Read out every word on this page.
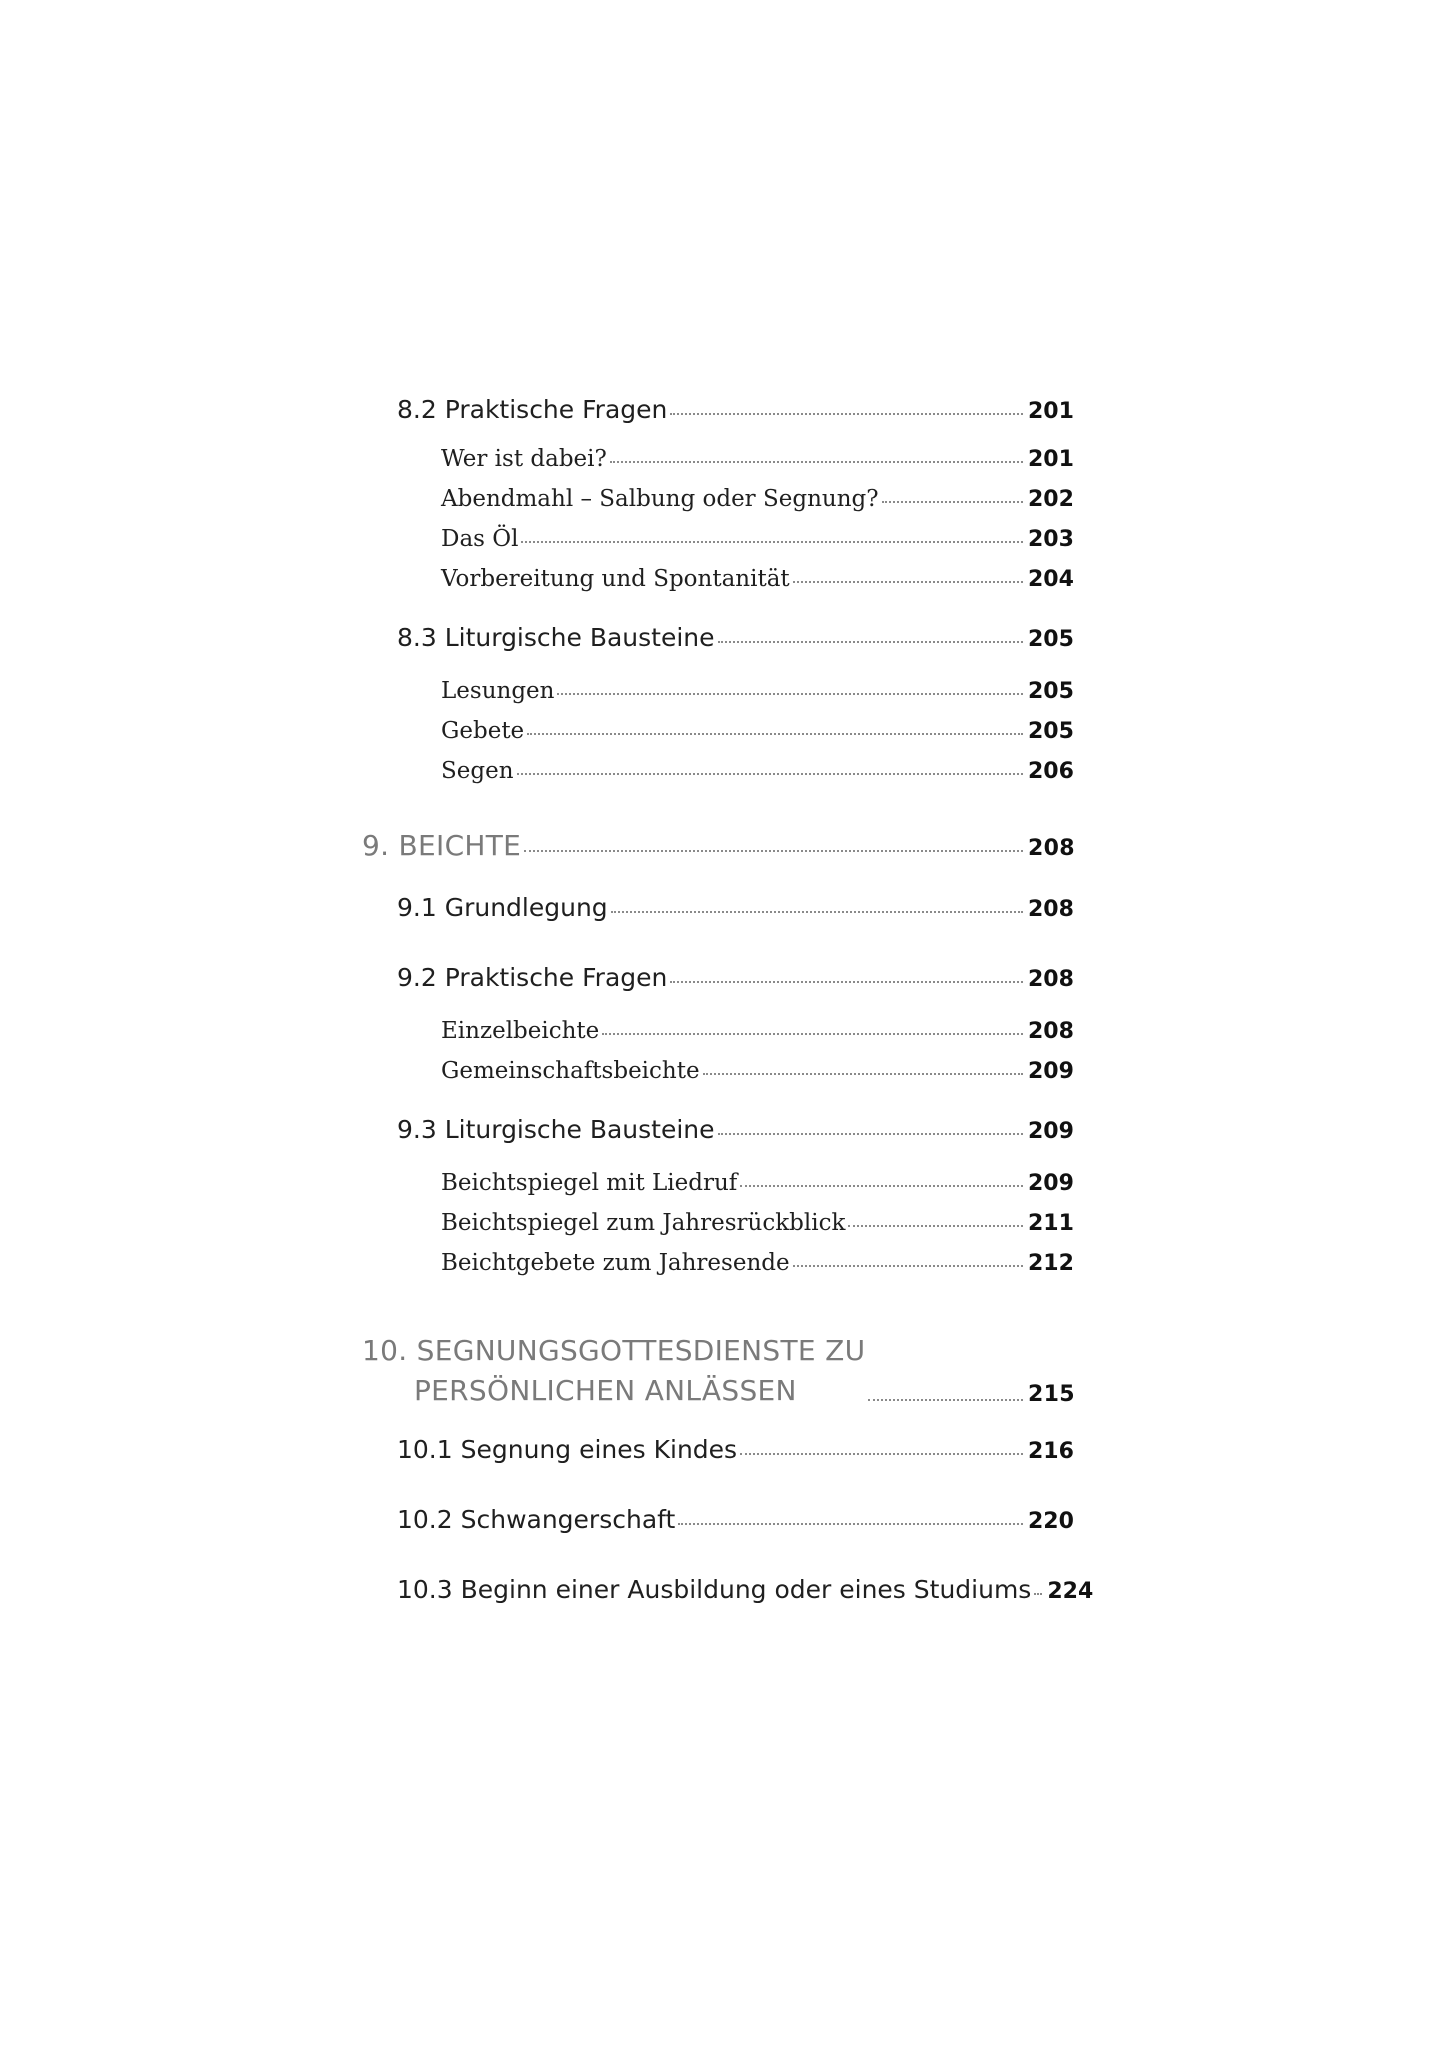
8.2 Praktische Fragen	201
Wer ist dabei?	201
Abendmahl – Salbung oder Segnung?	202
Das Öl	203
Vorbereitung und Spontanität	204
8.3 Liturgische Bausteine	205
Lesungen	205
Gebete	205
Segen	206
9. BEICHTE	208
9.1 Grundlegung	208
9.2 Praktische Fragen	208
Einzelbeichte	208
Gemeinschaftsbeichte	209
9.3 Liturgische Bausteine	209
Beichtspiegel mit Liedruf	209
Beichtspiegel zum Jahresrückblick	211
Beichtgebete zum Jahresende	212
10. SEGNUNGSGOTTESDIENSTE ZU
PERSÖNLICHEN ANLÄSSEN	215
10.1 Segnung eines Kindes	216
10.2 Schwangerschaft	220
10.3 Beginn einer Ausbildung oder eines Studiums 224
